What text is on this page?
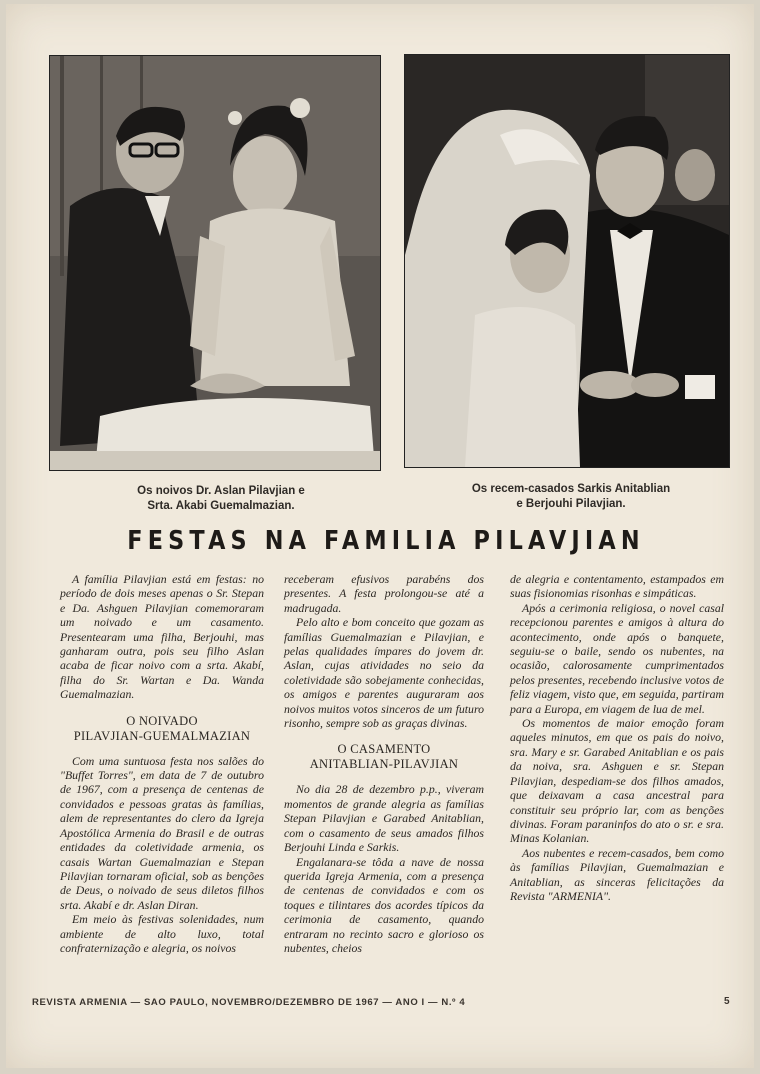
Os noivos Dr. Aslan Pilavjian e
Srta. Akabi Guemalmazian.
Os recem-casados Sarkis Anitablian
e Berjouhi Pilavjian.
FESTAS NA FAMILIA PILAVJIAN

A família Pilavjian está em festas: no período de dois meses apenas o Sr. Stepan e Da. Ashguen Pilavjian comemoraram um noivado e um casamento. Presentearam uma filha, Berjouhi, mas ganharam outra, pois seu filho Aslan acaba de ficar noivo com a srta. Akabí, filha do Sr. Wartan e Da. Wanda Guemalmazian.

O NOIVADO
PILAVJIAN-GUEMALMAZIAN

Com uma suntuosa festa nos salões do "Buffet Torres", em data de 7 de outubro de 1967, com a presença de centenas de convidados e pessoas gratas às famílias, alem de representantes do clero da Igreja Apostólica Armenia do Brasil e de outras entidades da coletividade armenia, os casais Wartan Guemalmazian e Stepan Pilavjian tornaram oficial, sob as benções de Deus, o noivado de seus diletos filhos srta. Akabí e dr. Aslan Diran.

Em meio às festivas solenidades, num ambiente de alto luxo, total confraternização e alegria, os noivos

receberam efusivos parabéns dos presentes. A festa prolongou-se até a madrugada.

Pelo alto e bom conceito que gozam as famílias Guemalmazian e Pilavjian, e pelas qualidades ímpares do jovem dr. Aslan, cujas atividades no seio da coletividade são sobejamente conhecidas, os amigos e parentes auguraram aos noivos muitos votos sinceros de um futuro risonho, sempre sob as graças divinas.

O CASAMENTO
ANITABLIAN-PILAVJIAN

No dia 28 de dezembro p.p., viveram momentos de grande alegria as famílias Stepan Pilavjian e Garabed Anitablian, com o casamento de seus amados filhos Berjouhi Linda e Sarkis.

Engalanara-se tôda a nave de nossa querida Igreja Armenia, com a presença de centenas de convidados e com os toques e tilintares dos acordes típicos da cerimonia de casamento, quando entraram no recinto sacro e glorioso os nubentes, cheios

de alegria e contentamento, estampados em suas fisionomias risonhas e simpáticas.

Após a cerimonia religiosa, o novel casal recepcionou parentes e amigos à altura do acontecimento, onde após o banquete, seguiu-se o baile, sendo os nubentes, na ocasião, calorosamente cumprimentados pelos presentes, recebendo inclusive votos de feliz viagem, visto que, em seguida, partiram para a Europa, em viagem de lua de mel.

Os momentos de maior emoção foram aqueles minutos, em que os pais do noivo, sra. Mary e sr. Garabed Anitablian e os pais da noiva, sra. Ashguen e sr. Stepan Pilavjian, despediam-se dos filhos amados, que deixavam a casa ancestral para constituir seu próprio lar, com as benções divinas. Foram paraninfos do ato o sr. e sra. Minas Kolanian.

Aos nubentes e recem-casados, bem como às famílias Pilavjian, Guemalmazian e Anitablian, as sinceras felicitações da Revista "ARMENIA".

REVISTA ARMENIA — SAO PAULO, NOVEMBRO/DEZEMBRO DE 1967 — ANO I — N.º 4	5
